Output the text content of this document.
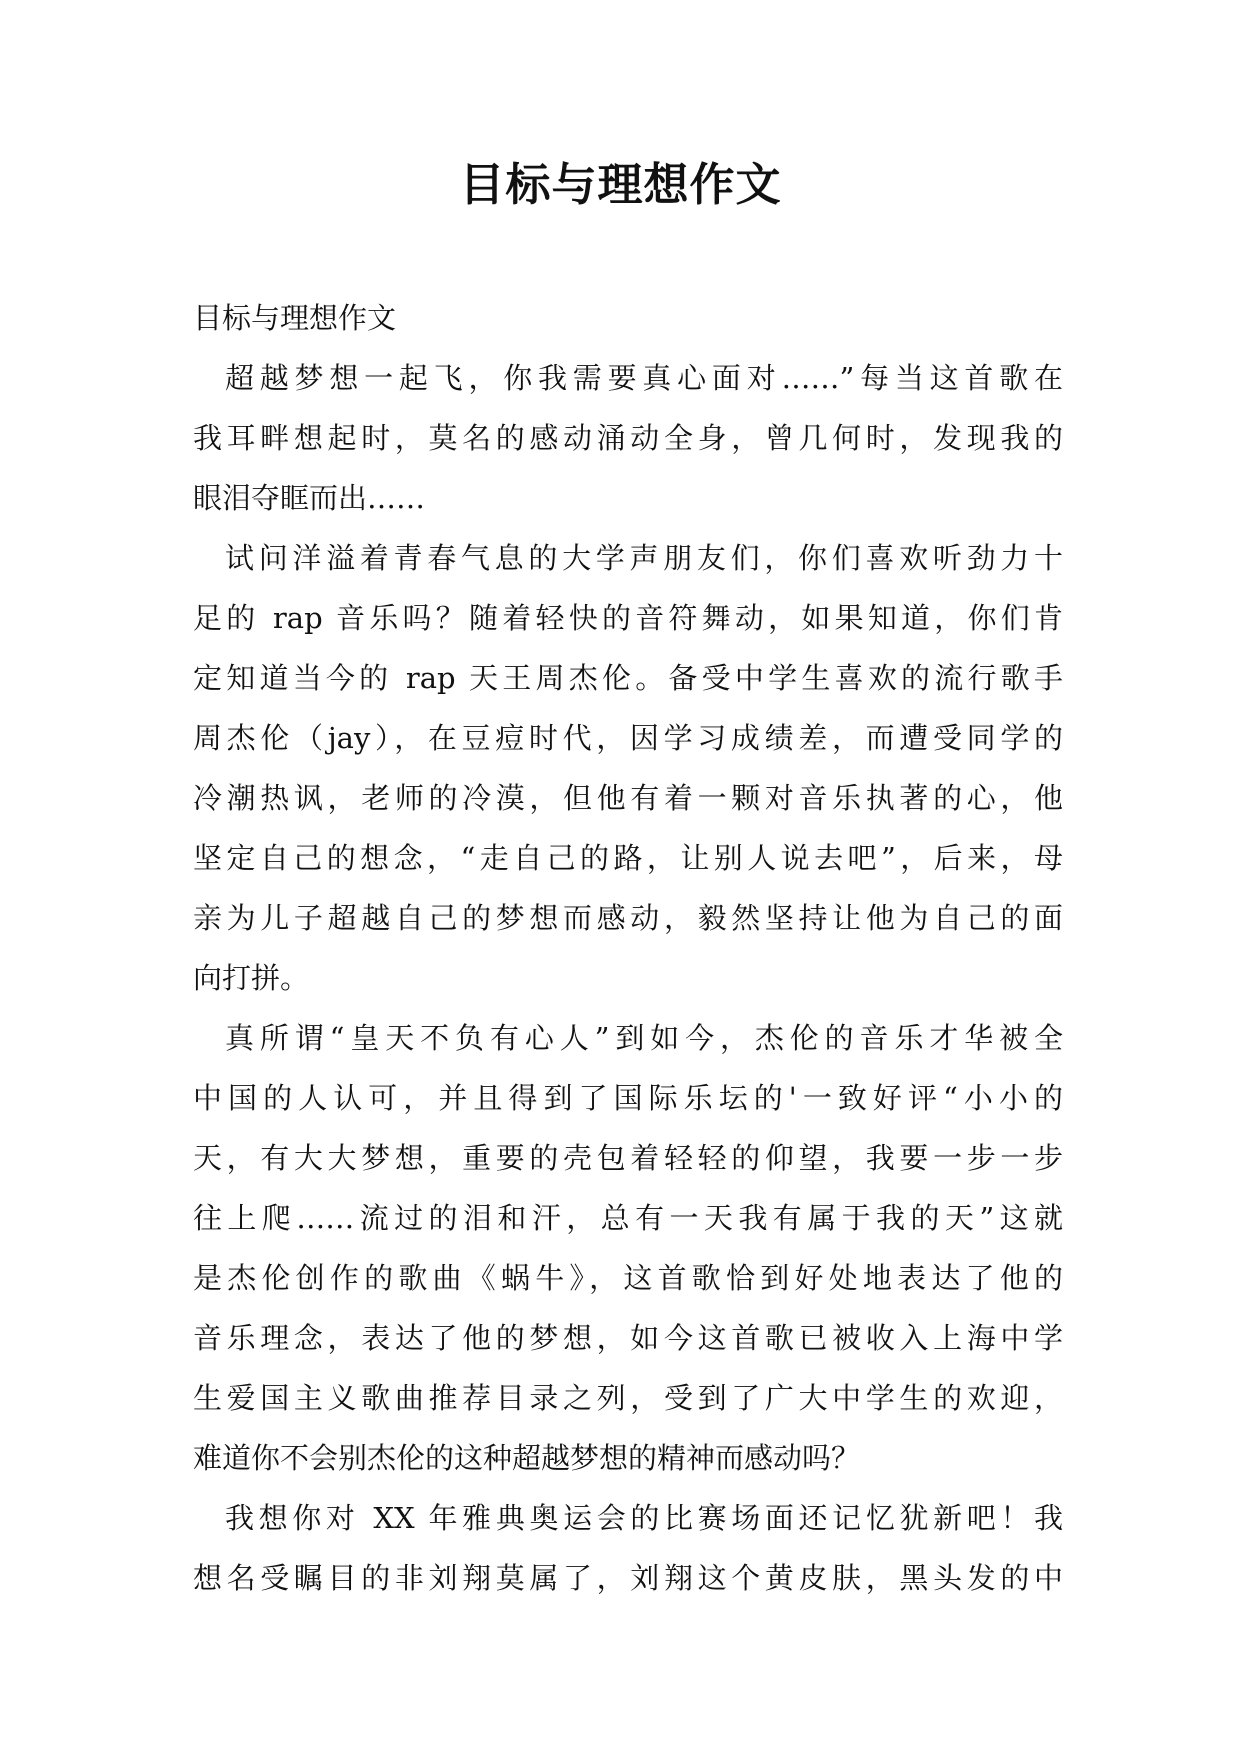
目标与理想作文
目标与理想作文
超越梦想一起飞，你我需要真心面对……”每当这首歌在
我耳畔想起时，莫名的感动涌动全身，曾几何时，发现我的
眼泪夺眶而出……
试问洋溢着青春气息的大学声朋友们，你们喜欢听劲力十
足的 rap 音乐吗？随着轻快的音符舞动，如果知道，你们肯
定知道当今的 rap 天王周杰伦。备受中学生喜欢的流行歌手
周杰伦（jay），在豆痘时代，因学习成绩差，而遭受同学的
冷潮热讽，老师的冷漠，但他有着一颗对音乐执著的心，他
坚定自己的想念，“走自己的路，让别人说去吧”，后来，母
亲为儿子超越自己的梦想而感动，毅然坚持让他为自己的面
向打拼。
真所谓“皇天不负有心人”到如今，杰伦的音乐才华被全
中国的人认可，并且得到了国际乐坛的'一致好评“小小的
天，有大大梦想，重要的壳包着轻轻的仰望，我要一步一步
往上爬……流过的泪和汗，总有一天我有属于我的天”这就
是杰伦创作的歌曲《蜗牛》，这首歌恰到好处地表达了他的
音乐理念，表达了他的梦想，如今这首歌已被收入上海中学
生爱国主义歌曲推荐目录之列，受到了广大中学生的欢迎，
难道你不会别杰伦的这种超越梦想的精神而感动吗？
我想你对 XX 年雅典奥运会的比赛场面还记忆犹新吧！我
想名受瞩目的非刘翔莫属了，刘翔这个黄皮肤，黑头发的中
